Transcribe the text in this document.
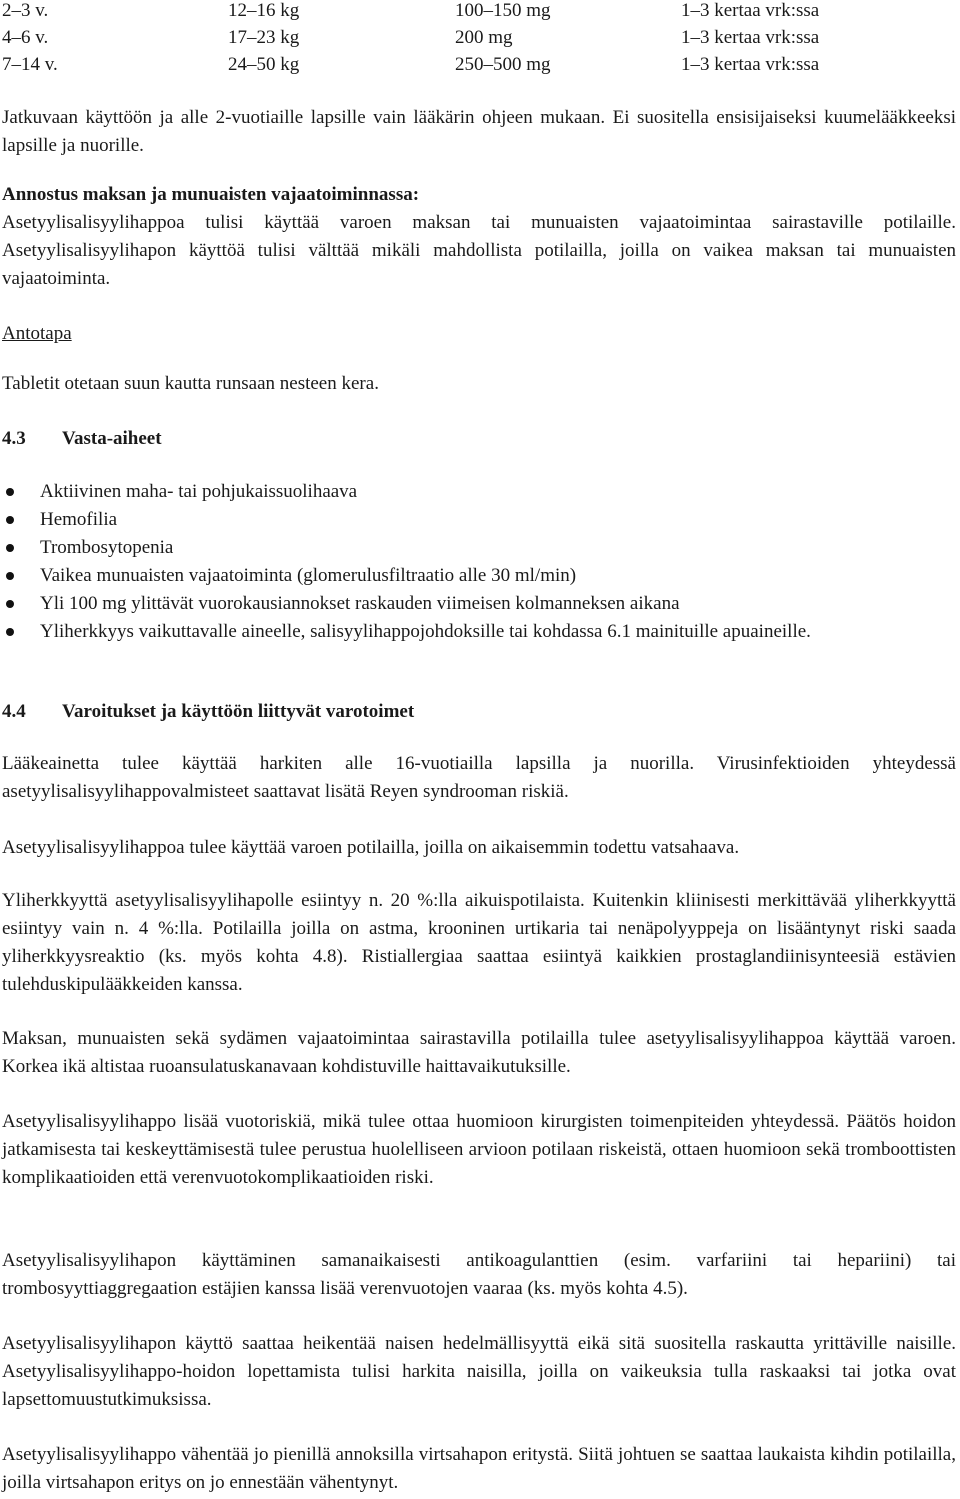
2–3 v.	12–16 kg	100–150 mg	1–3 kertaa vrk:ssa
4–6 v.	17–23 kg	200 mg	1–3 kertaa vrk:ssa
7–14 v.	24–50 kg	250–500 mg	1–3 kertaa vrk:ssa

Jatkuvaan käyttöön ja alle 2-vuotiaille lapsille vain lääkärin ohjeen mukaan. Ei suositella ensisijaiseksi kuumelääkkeeksi lapsille ja nuorille.

Annostus maksan ja munuaisten vajaatoiminnassa:

Asetyylisalisyylihappoa tulisi käyttää varoen maksan tai munuaisten vajaatoimintaa sairastaville potilaille. Asetyylisalisyylihapon käyttöä tulisi välttää mikäli mahdollista potilailla, joilla on vaikea maksan tai munuaisten vajaatoiminta.

Antotapa

Tabletit otetaan suun kautta runsaan nesteen kera.

4.3 Vasta-aiheet
Aktiivinen maha- tai pohjukaissuolihaava
Hemofilia
Trombosytopenia
Vaikea munuaisten vajaatoiminta (glomerulusfiltraatio alle 30 ml/min)
Yli 100 mg ylittävät vuorokausiannokset raskauden viimeisen kolmanneksen aikana
Yliherkkyys vaikuttavalle aineelle, salisyylihappojohdoksille tai kohdassa 6.1 mainituille apuaineille.
4.4 Varoitukset ja käyttöön liittyvät varotoimet

Lääkeainetta tulee käyttää harkiten alle 16-vuotiailla lapsilla ja nuorilla. Virusinfektioiden yhteydessä asetyylisalisyylihappovalmisteet saattavat lisätä Reyen syndrooman riskiä.

Asetyylisalisyylihappoa tulee käyttää varoen potilailla, joilla on aikaisemmin todettu vatsahaava.

Yliherkkyyttä asetyylisalisyylihapolle esiintyy n. 20 %:lla aikuispotilaista. Kuitenkin kliinisesti merkittävää yliherkkyyttä esiintyy vain n. 4 %:lla. Potilailla joilla on astma, krooninen urtikaria tai nenäpolyyppeja on lisääntynyt riski saada yliherkkyysreaktio (ks. myös kohta 4.8). Ristiallergiaa saattaa esiintyä kaikkien prostaglandiinisynteesiä estävien tulehduskipulääkkeiden kanssa.

Maksan, munuaisten sekä sydämen vajaatoimintaa sairastavilla potilailla tulee asetyylisalisyylihappoa käyttää varoen. Korkea ikä altistaa ruoansulatuskanavaan kohdistuville haittavaikutuksille.

Asetyylisalisyylihappo lisää vuotoriskiä, mikä tulee ottaa huomioon kirurgisten toimenpiteiden yhteydessä. Päätös hoidon jatkamisesta tai keskeyttämisestä tulee perustua huolelliseen arvioon potilaan riskeistä, ottaen huomioon sekä tromboottisten komplikaatioiden että verenvuotokomplikaatioiden riski.

Asetyylisalisyylihapon käyttäminen samanaikaisesti antikoagulanttien (esim. varfariini tai hepariini) tai trombosyyttiaggregaation estäjien kanssa lisää verenvuotojen vaaraa (ks. myös kohta 4.5).

Asetyylisalisyylihapon käyttö saattaa heikentää naisen hedelmällisyyttä eikä sitä suositella raskautta yrittäville naisille. Asetyylisalisyylihappo-hoidon lopettamista tulisi harkita naisilla, joilla on vaikeuksia tulla raskaaksi tai jotka ovat lapsettomuustutkimuksissa.

Asetyylisalisyylihappo vähentää jo pienillä annoksilla virtsahapon eritystä. Siitä johtuen se saattaa laukaista kihdin potilailla, joilla virtsahapon eritys on jo ennestään vähentynyt.
